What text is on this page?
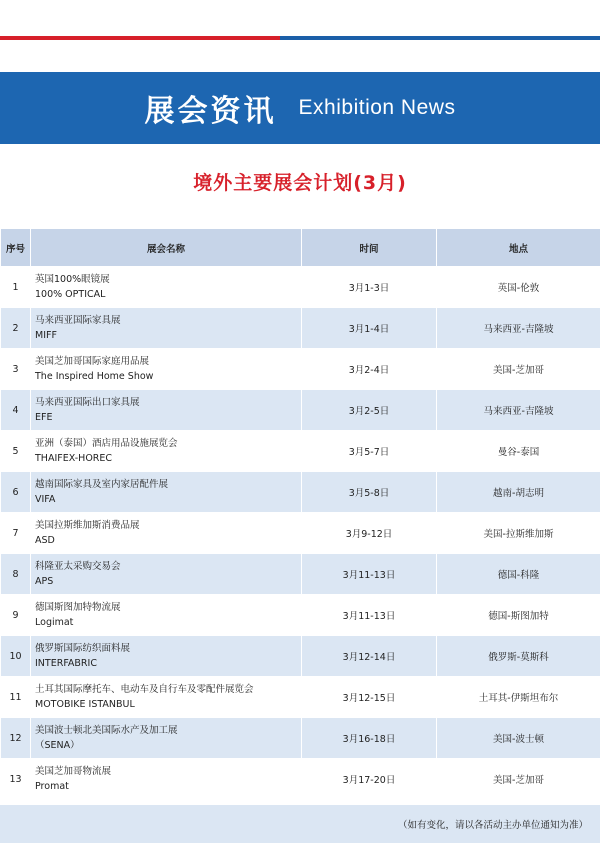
展会资讯 Exhibition News
境外主要展会计划(3月)
序号	展会名称	时间	地点
1	英国100%眼镜展
100% OPTICAL	3月1-3日	英国-伦敦
2	马来西亚国际家具展
MIFF	3月1-4日	马来西亚-吉隆坡
3	美国芝加哥国际家庭用品展
The Inspired Home Show	3月2-4日	美国-芝加哥
4	马来西亚国际出口家具展
EFE	3月2-5日	马来西亚-吉隆坡
5	亚洲（泰国）酒店用品设施展览会
THAIFEX-HOREC	3月5-7日	曼谷-泰国
6	越南国际家具及室内家居配件展
VIFA	3月5-8日	越南-胡志明
7	美国拉斯维加斯消费品展
ASD	3月9-12日	美国-拉斯维加斯
8	科隆亚太采购交易会
APS	3月11-13日	德国-科隆
9	德国斯图加特物流展
Logimat	3月11-13日	德国-斯图加特
10	俄罗斯国际纺织面料展
INTERFABRIC	3月12-14日	俄罗斯-莫斯科
11	土耳其国际摩托车、电动车及自行车及零配件展览会
MOTOBIKE ISTANBUL	3月12-15日	土耳其-伊斯坦布尔
12	美国波士顿北美国际水产及加工展
（SENA）	3月16-18日	美国-波士顿
13	美国芝加哥物流展
Promat	3月17-20日	美国-芝加哥
（如有变化，请以各活动主办单位通知为准）
